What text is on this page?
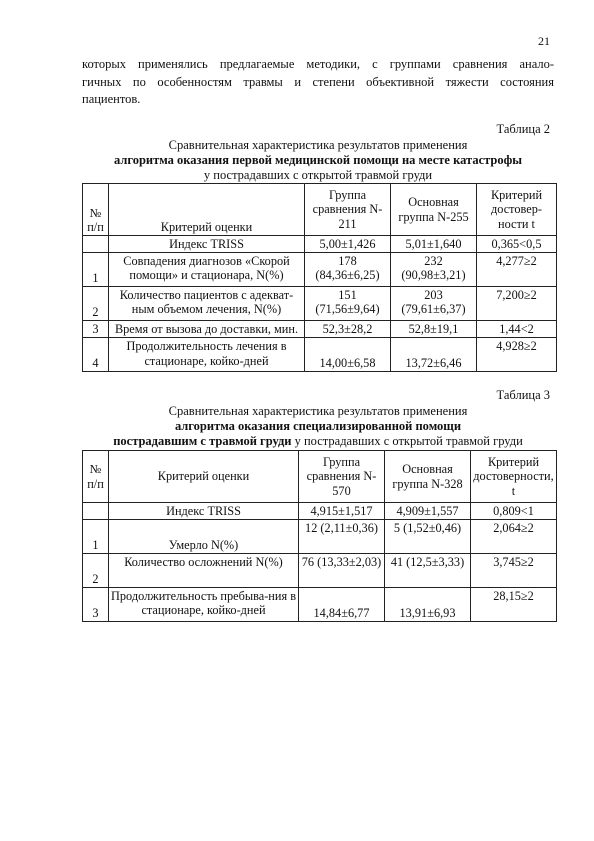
21
которых применялись предлагаемые методики, с группами сравнения анало-
гичных по особенностям травмы и степени объективной тяжести состояния
пациентов.
Таблица 2
Сравнительная характеристика результатов применения
алгоритма оказания первой медицинской помощи на месте катастрофы
у пострадавших с открытой травмой груди
№ п/п	Критерий оценки	Группа сравнения N-211	Основная группа N-255	Критерий достовер-ности t
	Индекс TRISS	5,00±1,426	5,01±1,640	0,365<0,5
1	Совпадения диагнозов «Скорой помощи» и стационара, N(%)	178 (84,36±6,25)	232 (90,98±3,21)	4,277≥2
2	Количество пациентов с адекват-ным объемом лечения, N(%)	151 (71,56±9,64)	203 (79,61±6,37)	7,200≥2
3	Время от вызова до доставки, мин.	52,3±28,2	52,8±19,1	1,44<2
4	Продолжительность лечения в стационаре, койко-дней	14,00±6,58	13,72±6,46	4,928≥2
Таблица 3
Сравнительная характеристика результатов применения
алгоритма оказания специализированной помощи
пострадавшим с травмой груди у пострадавших с открытой травмой груди
№ п/п	Критерий оценки	Группа сравнения N-570	Основная группа N-328	Критерий достоверности, t
	Индекс TRISS	4,915±1,517	4,909±1,557	0,809<1
1	Умерло N(%)	12 (2,11±0,36)	5 (1,52±0,46)	2,064≥2
2	Количество осложнений N(%)	76 (13,33±2,03)	41 (12,5±3,33)	3,745≥2
3	Продолжительность пребыва-ния в стационаре, койко-дней	14,84±6,77	13,91±6,93	28,15≥2
